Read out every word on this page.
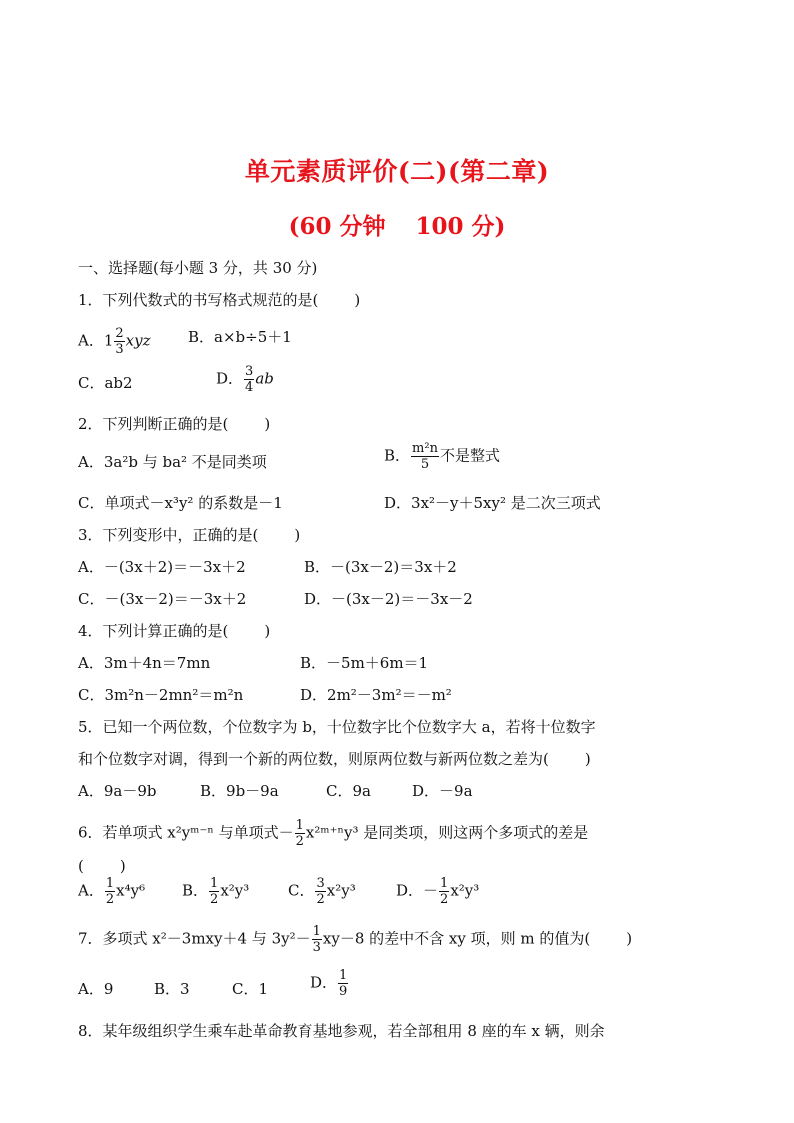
单元素质评价(二)(第二章)
(60 分钟 100 分)
一、选择题(每小题 3 分，共 30 分)
1．下列代数式的书写格式规范的是( )
A．$1 \frac{2}{3}$ xyz B．a×b÷5＋1
C．ab2	D． $\frac{3}{4}$ ab
2．下列判断正确的是( )
A．3a²b 与 ba² 不是同类项	B． $\frac{\text{m²n}}{5}$ 不是整式
C．单项式－x³y² 的系数是－1	D．3x²－y＋5xy² 是二次三项式
3．下列变形中，正确的是( )
A．－(3x＋2)＝－3x＋2	B．－(3x－2)＝3x＋2
C．－(3x－2)＝－3x＋2	D．－(3x－2)＝－3x－2
4．下列计算正确的是( )
A．3m＋4n＝7mn	B．－5m＋6m＝1
C．3m²n－2mn²＝m²n	D．2m²－3m²＝－m²
5．已知一个两位数，个位数字为 b，十位数字比个位数字大 a，若将十位数字
和个位数字对调，得到一个新的两位数，则原两位数与新两位数之差为( )
A．9a－9b	B．9b－9a	C．9a	D．－9a
6．若单项式 x²yᵐ⁻ⁿ 与单项式－ $\frac{1}{2}$ x²ᵐ⁺ⁿy³ 是同类项，则这两个多项式的差是
( )
A． $\frac{1}{2} x^4y^6$ B． $\frac{1}{2} x^2y^3$	C． $\frac{3}{2} x^2y^3$	D．－ $\frac{1}{2} x^2y^3$
7．多项式 x²－3mxy＋4 与 $3y^2- \frac{1}{3} xy-8$ 的差中不含 xy 项，则 m 的值为( )
A．9	B．3	C．1	D． $\frac{1}{9}$
8．某年级组织学生乘车赴革命教育基地参观，若全部租用 8 座的车 x 辆，则余
